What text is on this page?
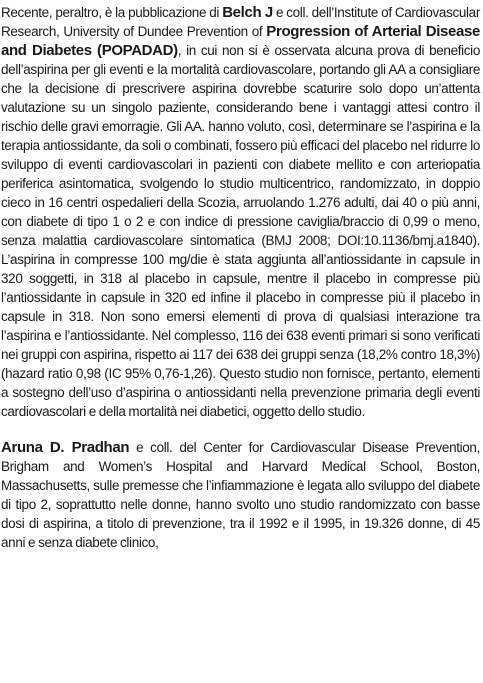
Recente, peraltro, è la pubblicazione di Belch J e coll. dell’Institute of Cardiovascular Research, University of Dundee Prevention of Progression of Arterial Disease and Diabetes (POPADAD), in cui non si è osservata alcuna prova di beneficio dell’aspirina per gli eventi e la mortalità cardiovascolare, portando gli AA a consigliare che la decisione di prescrivere aspirina dovrebbe scaturire solo dopo un’attenta valutazione su un singolo paziente, considerando bene i vantaggi attesi contro il rischio delle gravi emorragie. Gli AA. hanno voluto, così, determinare se l’aspirina e la terapia antiossidante, da soli o combinati, fossero più efficaci del placebo nel ridurre lo sviluppo di eventi cardiovascolari in pazienti con diabete mellito e con arteriopatia periferica asintomatica, svolgendo lo studio multicentrico, randomizzato, in doppio cieco in 16 centri ospedalieri della Scozia, arruolando 1.276 adulti, dai 40 o più anni, con diabete di tipo 1 o 2 e con indice di pressione caviglia/braccio di 0,99 o meno, senza malattia cardiovascolare sintomatica (BMJ 2008; DOI:10.1136/bmj.a1840). L’aspirina in compresse 100 mg/die è stata aggiunta all’antiossidante in capsule in 320 soggetti, in 318 al placebo in capsule, mentre il placebo in compresse più l’antiossidante in capsule in 320 ed infine il placebo in compresse più il placebo in capsule in 318. Non sono emersi elementi di prova di qualsiasi interazione tra l’aspirina e l’antiossidante. Nel complesso, 116 dei 638 eventi primari si sono verificati nei gruppi con aspirina, rispetto ai 117 dei 638 dei gruppi senza (18,2% contro 18,3%) (hazard ratio 0,98 (IC 95% 0,76-1,26). Questo studio non fornisce, pertanto, elementi a sostegno dell’uso d’aspirina o antiossidanti nella prevenzione primaria degli eventi cardiovascolari e della mortalità nei diabetici, oggetto dello studio.

Aruna D. Pradhan e coll. del Center for Cardiovascular Disease Prevention, Brigham and Women’s Hospital and Harvard Medical School, Boston, Massachusetts, sulle premesse che l’infiammazione è legata allo sviluppo del diabete di tipo 2, soprattutto nelle donne, hanno svolto uno studio randomizzato con basse dosi di aspirina, a titolo di prevenzione, tra il 1992 e il 1995, in 19.326 donne, di 45 anni e senza diabete clinico,
